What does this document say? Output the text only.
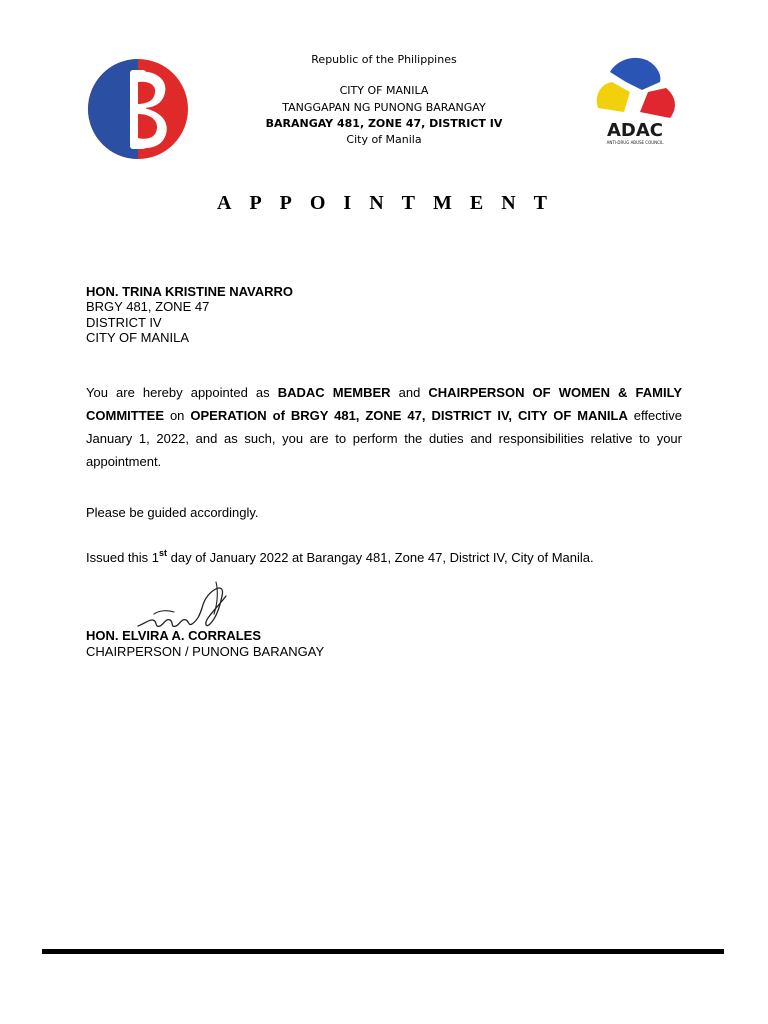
Republic of the Philippines
CITY OF MANILA
TANGGAPAN NG PUNONG BARANGAY
BARANGAY 481, ZONE 47, DISTRICT IV
City of Manila	ADAC
ANTI-DRUG ABUSE COUNCIL
APPOINTMENT
HON. TRINA KRISTINE NAVARRO
BRGY 481, ZONE 47
DISTRICT IV
CITY OF MANILA
You are hereby appointed as BADAC MEMBER and CHAIRPERSON OF WOMEN & FAMILY COMMITTEE on OPERATION of BRGY 481, ZONE 47, DISTRICT IV, CITY OF MANILA effective January 1, 2022, and as such, you are to perform the duties and responsibilities relative to your appointment.
Please be guided accordingly.
Issued this 1st day of January 2022 at Barangay 481, Zone 47, District IV, City of Manila.
HON. ELVIRA A. CORRALES
CHAIRPERSON / PUNONG BARANGAY
